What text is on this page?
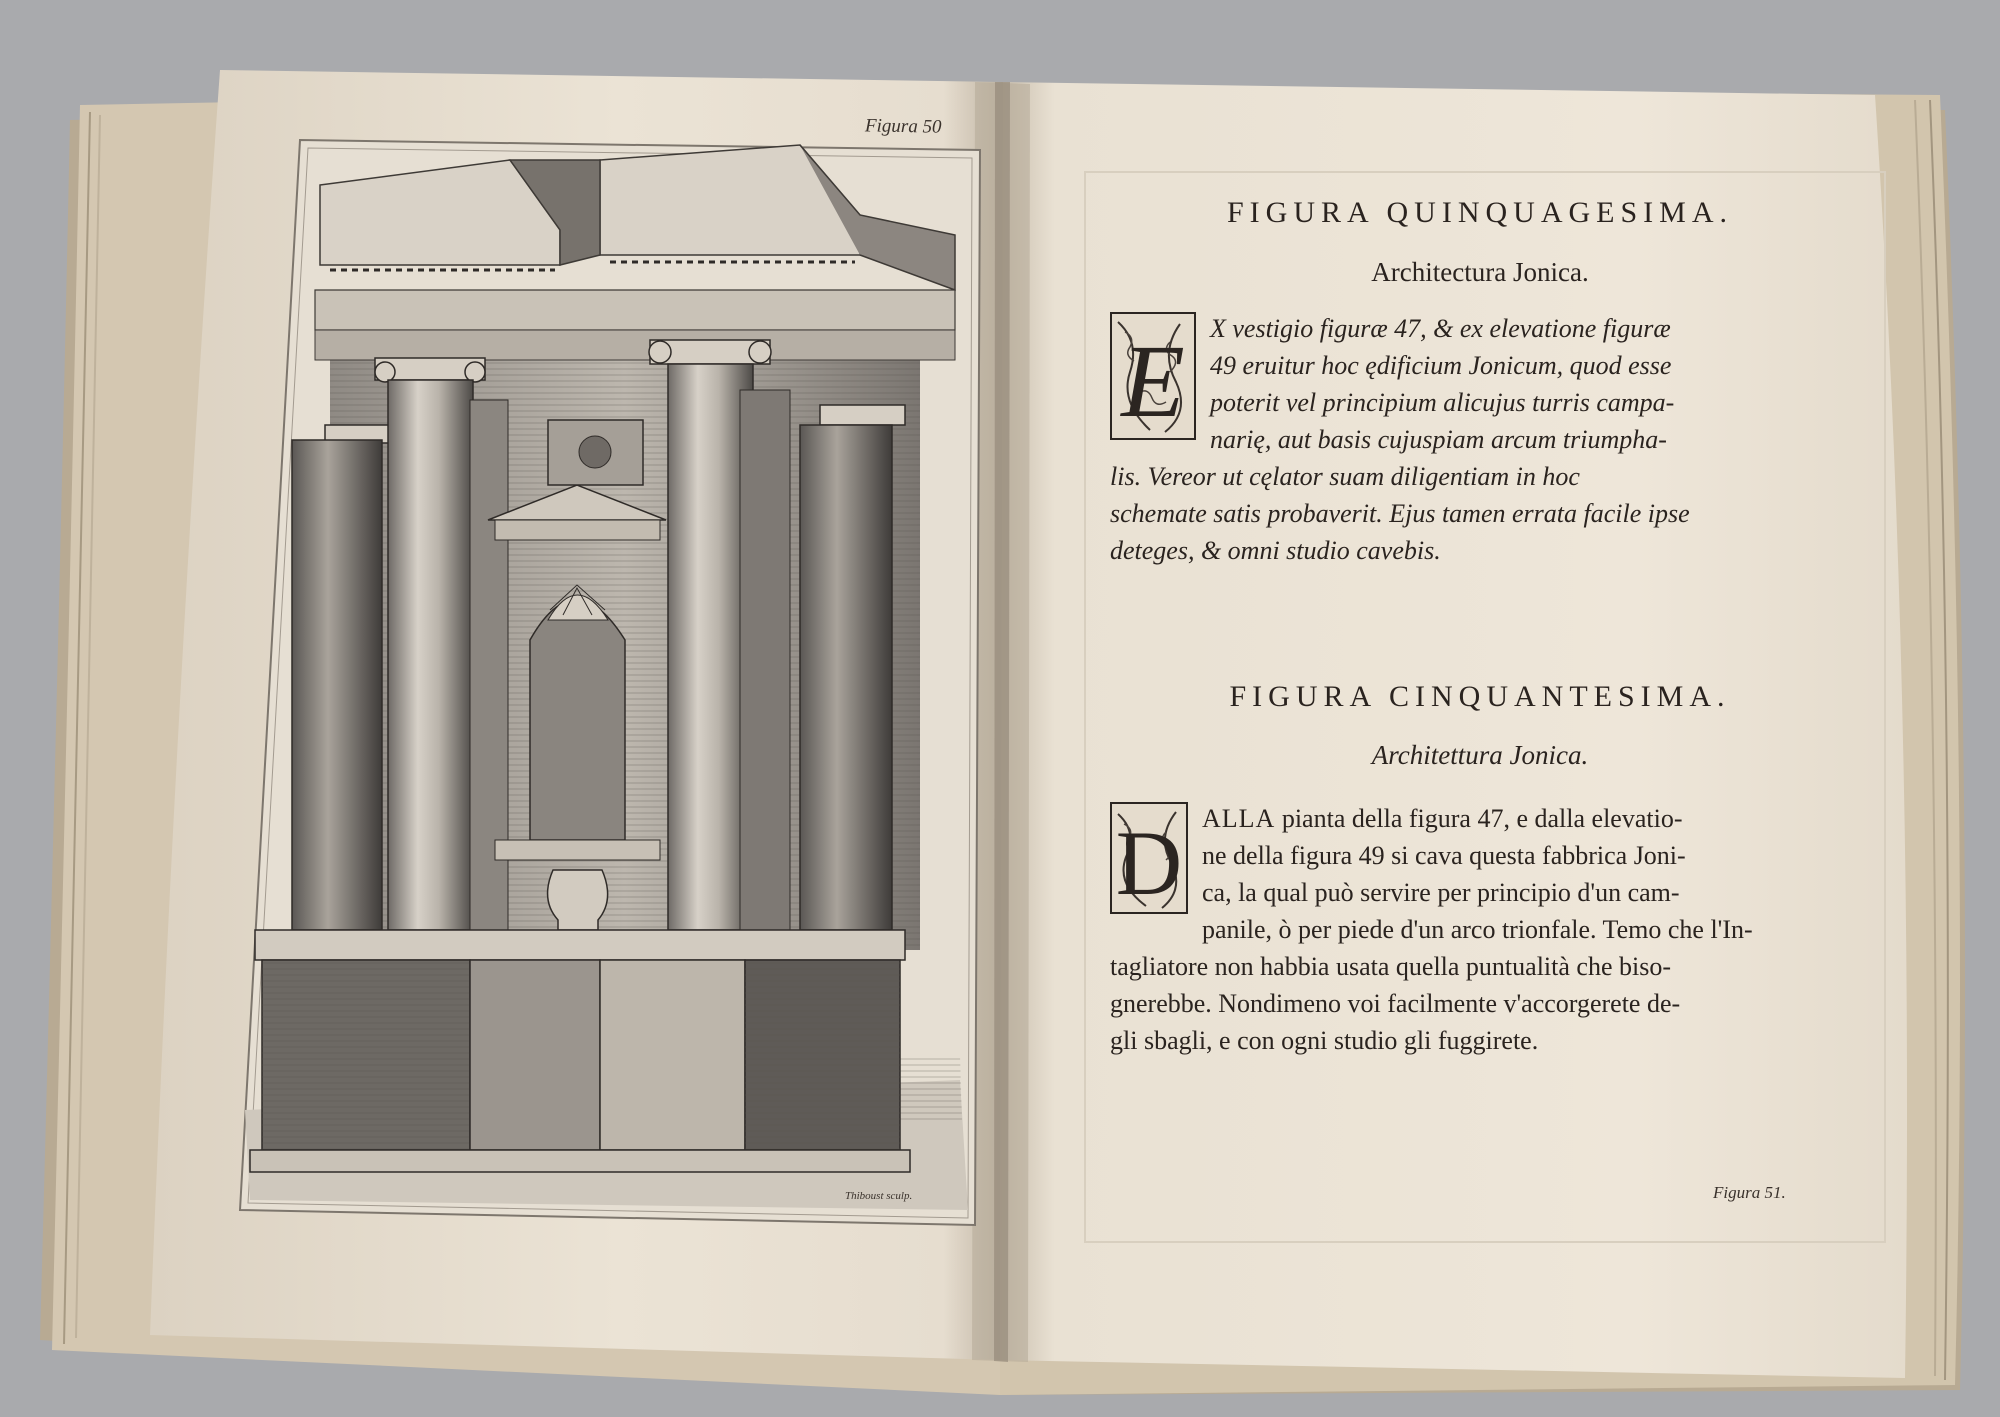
Figura 50
Thiboust sculp.
FIGURA QUINQUAGESIMA.
Architectura Jonica.
E X vestigio figuræ 47, & ex elevatione figuræ
49 eruitur hoc ędificium Jonicum, quod esse
poterit vel principium alicujus turris campa-
narię, aut basis cujuspiam arcum triumpha-
lis. Vereor ut cęlator suam diligentiam in hoc
schemate satis probaverit. Ejus tamen errata facile ipse
deteges, & omni studio cavebis.
FIGURA CINQUANTESIMA.
Architettura Jonica.
D ALLA pianta della figura 47, e dalla elevatio-
ne della figura 49 si cava questa fabbrica Joni-
ca, la qual può servire per principio d'un cam-
panile, ò per piede d'un arco trionfale. Temo che l'In-
tagliatore non habbia usata quella puntualità che biso-
gnerebbe. Nondimeno voi facilmente v'accorgerete de-
gli sbagli, e con ogni studio gli fuggirete.
Figura 51.
